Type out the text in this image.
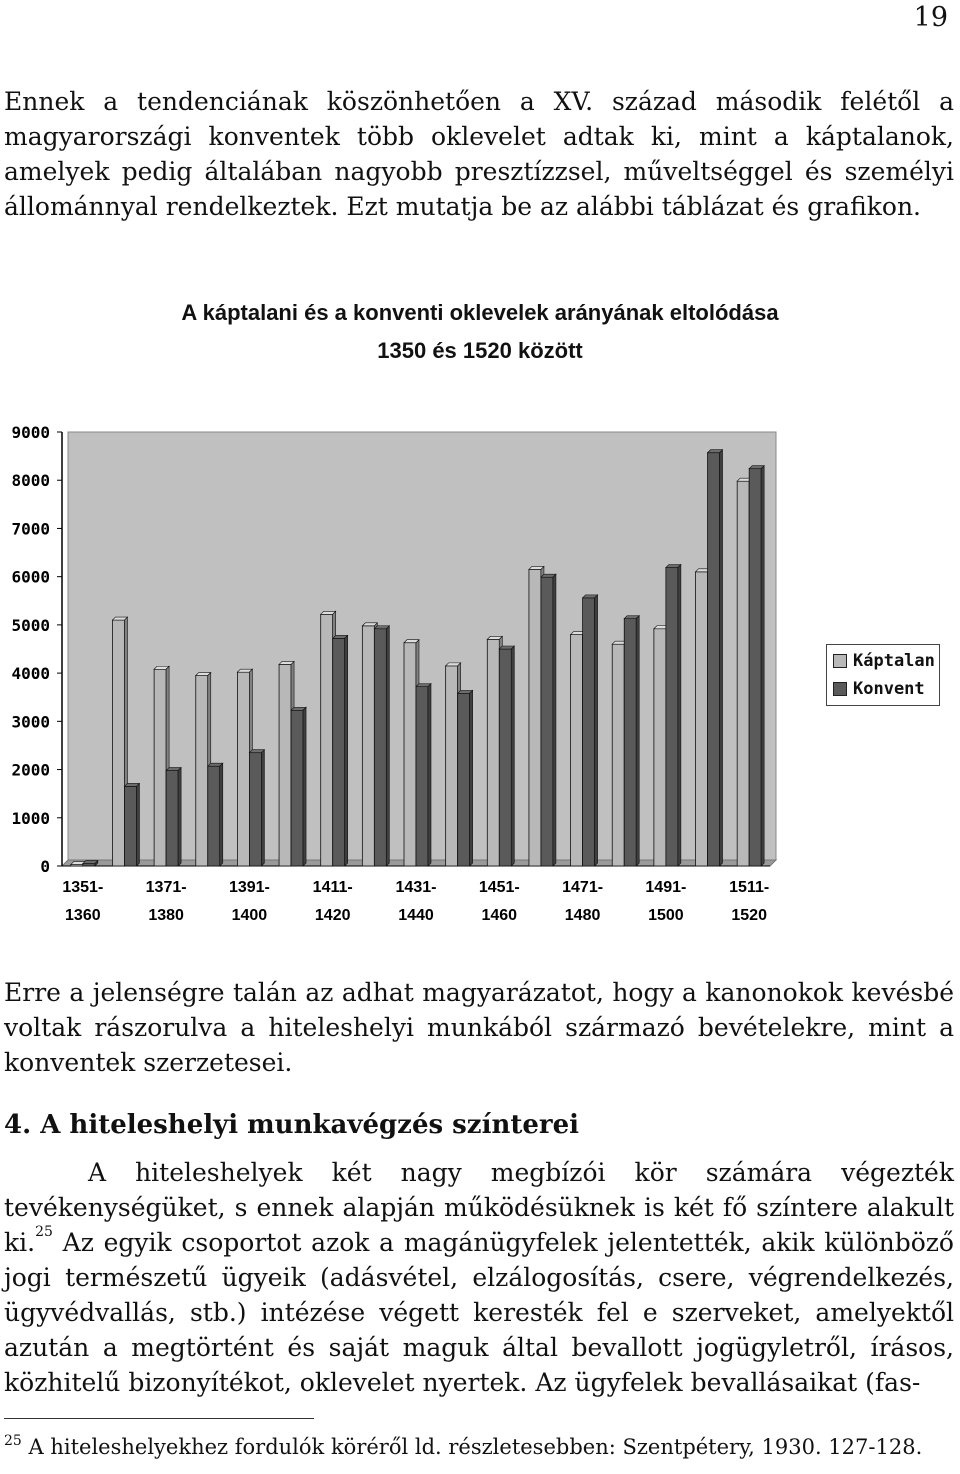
19

Ennek a tendenciának köszönhetően a XV. század második felétől a magyarországi konventek több oklevelet adtak ki, mint a káptalanok, amelyek pedig általában nagyobb presztízzsel, műveltséggel és személyi állománnyal rendelkeztek. Ezt mutatja be az alábbi táblázat és grafikon.

A káptalani és a konventi oklevelek arányának eltolódása
1350 és 1520 között
0
1000
2000
3000
4000
5000
6000
7000
8000
9000
1351-
1360
1371-
1380
1391-
1400
1411-
1420
1431-
1440
1451-
1460
1471-
1480
1491-
1500
1511-
1520
Káptalan
Konvent

Erre a jelenségre talán az adhat magyarázatot, hogy a kanonokok kevésbé voltak rászorulva a hiteleshelyi munkából származó bevételekre, mint a konventek szerzetesei.

4. A hiteleshelyi munkavégzés színterei

A hiteleshelyek két nagy megbízói kör számára végezték tevékenységüket, s ennek alapján működésüknek is két fő színtere alakult ki.$^{25}$ Az egyik csoportot azok a magánügyfelek jelentették, akik különböző jogi természetű ügyeik (adásvétel, elzálogosítás, csere, végrendelkezés, ügyvédvallás, stb.) intézése végett keresték fel e szerveket, amelyektől azután a megtörtént és saját maguk által bevallott jogügyletről, írásos, közhitelű bizonyítékot, oklevelet nyertek. Az ügyfelek bevallásaikat (fas-

$^{25}$ A hiteleshelyekhez fordulók köréről ld. részletesebben: Szentpétery, 1930. 127-128.
